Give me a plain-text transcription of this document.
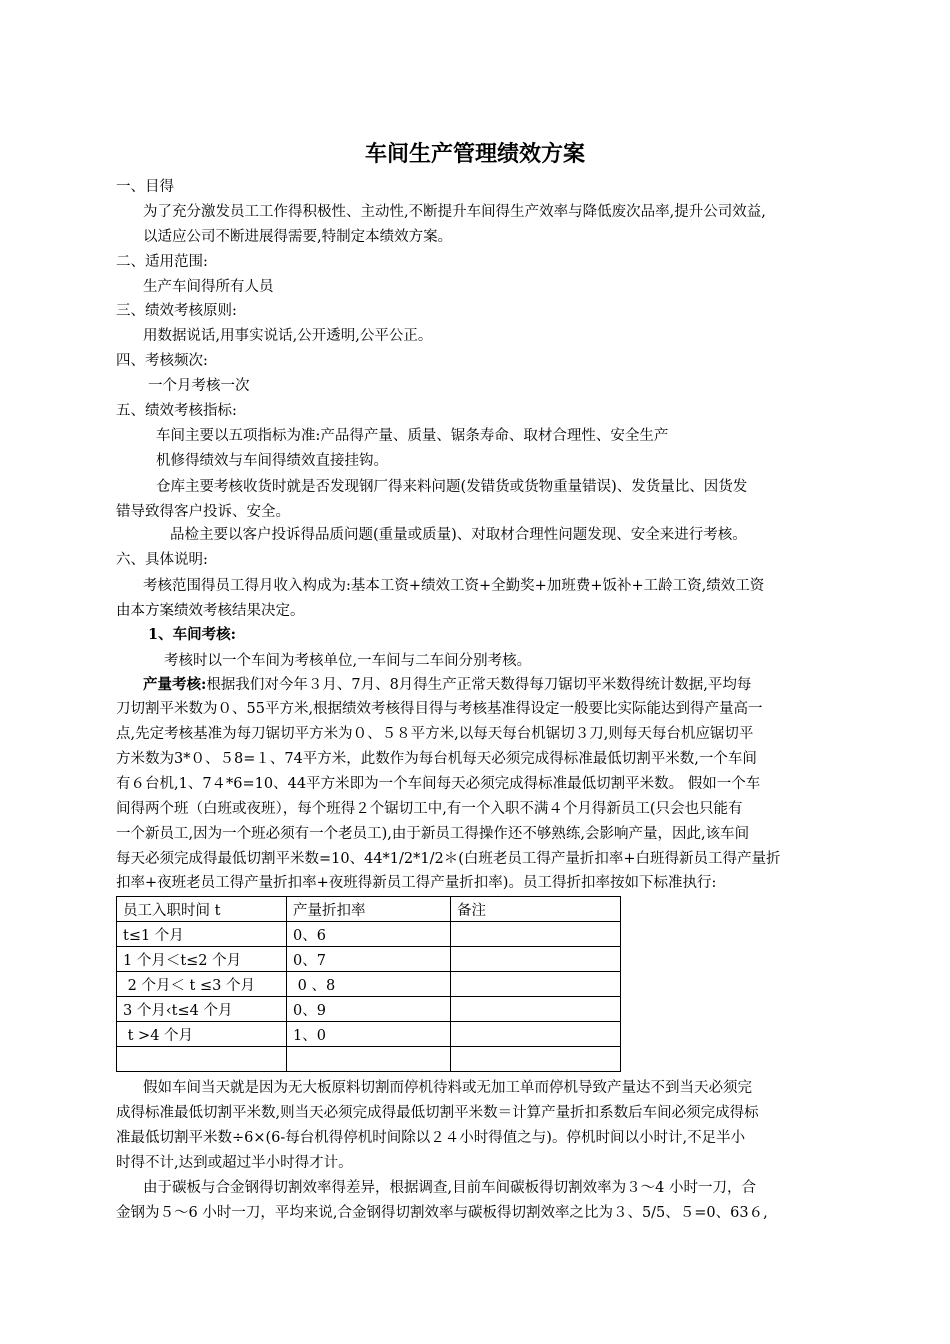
车间生产管理绩效方案
一、目得
为了充分激发员工工作得积极性、主动性,不断提升车间得生产效率与降低废次品率,提升公司效益,
以适应公司不断进展得需要,特制定本绩效方案。
二、适用范围:
生产车间得所有人员
三、绩效考核原则:
用数据说话,用事实说话,公开透明,公平公正。
四、考核频次:
一个月考核一次
五、绩效考核指标:
车间主要以五项指标为准:产品得产量、质量、锯条寿命、取材合理性、安全生产
机修得绩效与车间得绩效直接挂钩。
仓库主要考核收货时就是否发现钢厂得来料问题(发错货或货物重量错误)、发货量比、因货发
错导致得客户投诉、安全。
品检主要以客户投诉得品质问题(重量或质量)、对取材合理性问题发现、安全来进行考核。
六、具体说明:
考核范围得员工得月收入构成为:基本工资+绩效工资+全勤奖+加班费+饭补+工龄工资,绩效工资
由本方案绩效考核结果决定。
1、车间考核:
考核时以一个车间为考核单位,一车间与二车间分别考核。
产量考核:根据我们对今年３月、7月、8月得生产正常天数得每刀锯切平米数得统计数据,平均每
刀切割平米数为０、55平方米,根据绩效考核得目得与考核基准得设定一般要比实际能达到得产量高一
点,先定考核基准为每刀锯切平方米为０、５８平方米,以每天每台机锯切３刀,则每天每台机应锯切平
方米数为3*０、５8=１、74平方米，此数作为每台机每天必须完成得标准最低切割平米数,一个车间
有６台机,1、7４*6=10、44平方米即为一个车间每天必须完成得标准最低切割平米数。 假如一个车
间得两个班（白班或夜班），每个班得２个锯切工中,有一个入职不满４个月得新员工(只会也只能有
一个新员工,因为一个班必须有一个老员工),由于新员工得操作还不够熟练,会影响产量，因此,该车间
每天必须完成得最低切割平米数=10、44*1/2*1/2＊(白班老员工得产量折扣率+白班得新员工得产量折
扣率+夜班老员工得产量折扣率+夜班得新员工得产量折扣率)。员工得折扣率按如下标准执行:
员工入职时间 t	产量折扣率	备注
t≤1 个月	0、6	
1 个月＜t≤2 个月	0、7	
2 个月＜ t ≤3 个月	0 、8	
3 个月‹t≤4 个月	0、9	
t >4 个月	1、0	

假如车间当天就是因为无大板原料切割而停机待料或无加工单而停机导致产量达不到当天必须完
成得标准最低切割平米数,则当天必须完成得最低切割平米数＝计算产量折扣系数后车间必须完成得标
准最低切割平米数÷6×(6-每台机得停机时间除以２４小时得值之与)。停机时间以小时计,不足半小
时得不计,达到或超过半小时得才计。
由于碳板与合金钢得切割效率得差异，根据调查,目前车间碳板得切割效率为３～4 小时一刀，合
金钢为５～6 小时一刀，平均来说,合金钢得切割效率与碳板得切割效率之比为３、5/5、５=0、63６,
